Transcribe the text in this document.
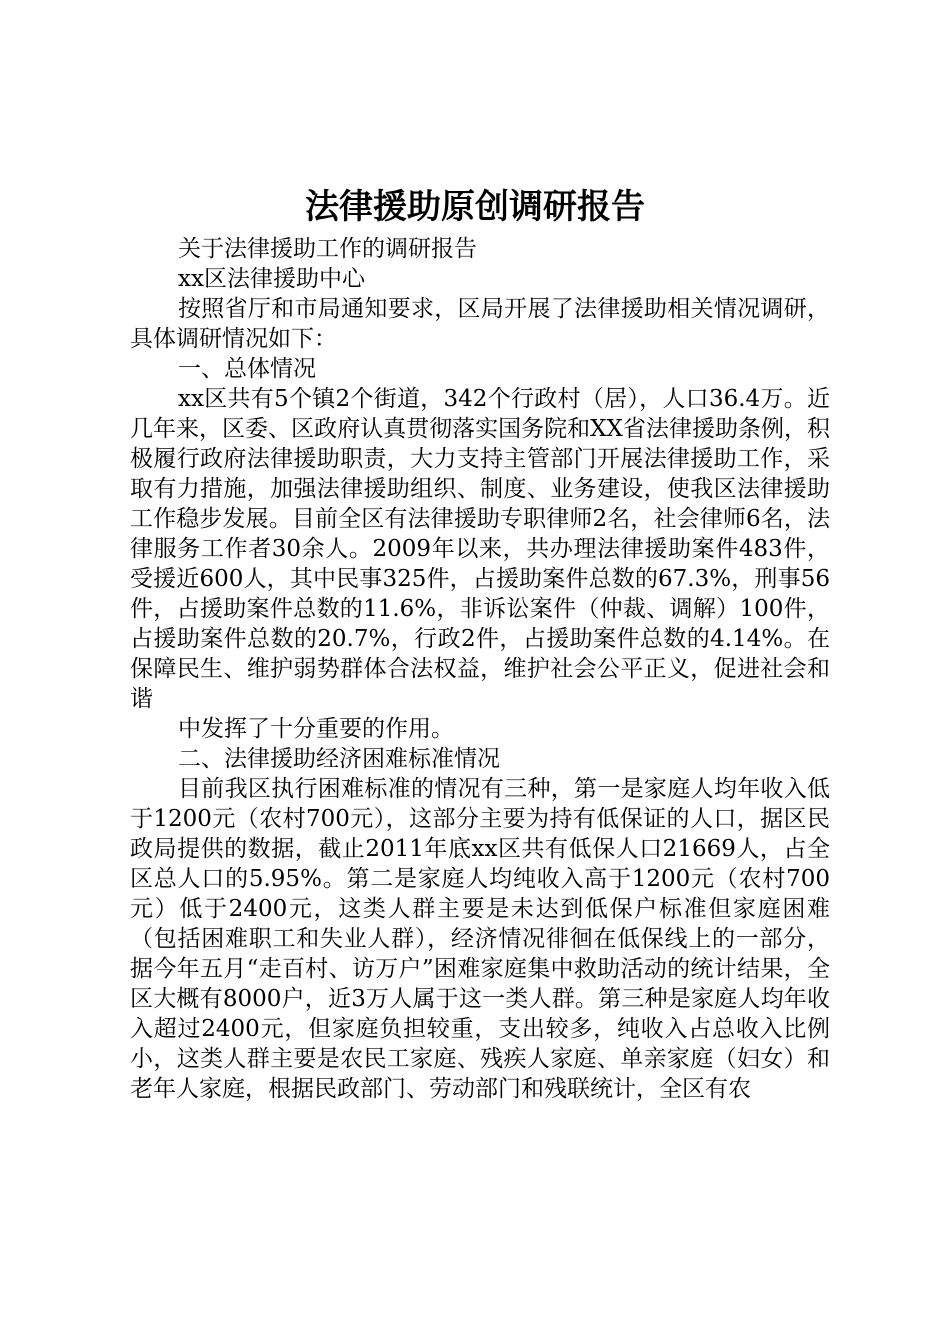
法律援助原创调研报告

关于法律援助工作的调研报告

xx区法律援助中心

按照省厅和市局通知要求，区局开展了法律援助相关情况调研，具体调研情况如下：

一、总体情况

xx区共有5个镇2个街道，342个行政村（居），人口36.4万。近几年来，区委、区政府认真贯彻落实国务院和XX省法律援助条例，积极履行政府法律援助职责，大力支持主管部门开展法律援助工作，采取有力措施，加强法律援助组织、制度、业务建设，使我区法律援助工作稳步发展。目前全区有法律援助专职律师2名，社会律师6名，法律服务工作者30余人。2009年以来，共办理法律援助案件483件，受援近600人，其中民事325件，占援助案件总数的67.3%，刑事56件，占援助案件总数的11.6%，非诉讼案件（仲裁、调解）100件，占援助案件总数的20.7%，行政2件，占援助案件总数的4.14%。在保障民生、维护弱势群体合法权益，维护社会公平正义，促进社会和谐

中发挥了十分重要的作用。

二、法律援助经济困难标准情况

目前我区执行困难标准的情况有三种，第一是家庭人均年收入低于1200元（农村700元），这部分主要为持有低保证的人口，据区民政局提供的数据，截止2011年底xx区共有低保人口21669人，占全区总人口的5.95%。第二是家庭人均纯收入高于1200元（农村700元）低于2400元，这类人群主要是未达到低保户标准但家庭困难（包括困难职工和失业人群），经济情况徘徊在低保线上的一部分，据今年五月“走百村、访万户”困难家庭集中救助活动的统计结果，全区大概有8000户，近3万人属于这一类人群。第三种是家庭人均年收入超过2400元，但家庭负担较重，支出较多，纯收入占总收入比例小，这类人群主要是农民工家庭、残疾人家庭、单亲家庭（妇女）和老年人家庭，根据民政部门、劳动部门和残联统计，全区有农
